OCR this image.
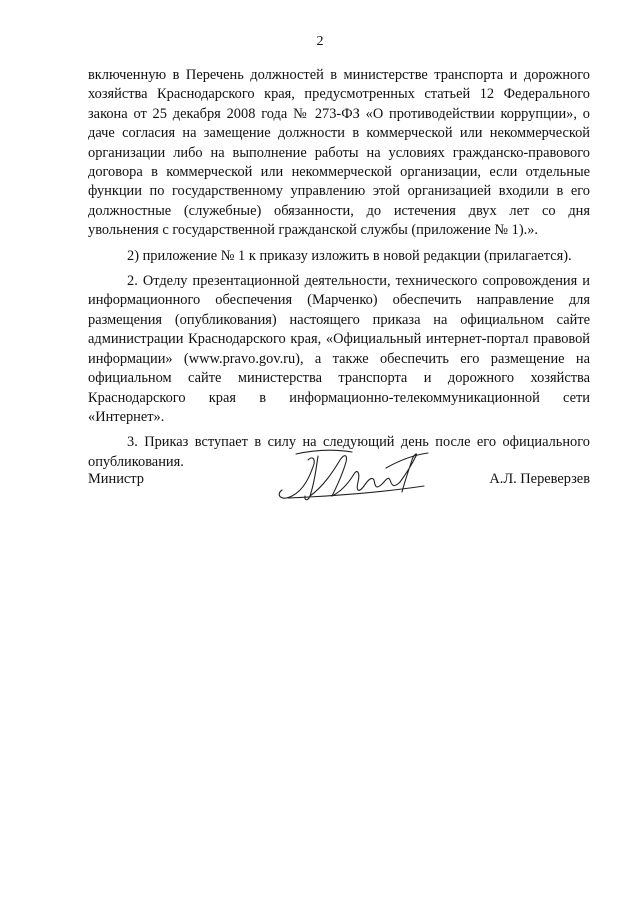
2

включенную в Перечень должностей в министерстве транспорта и дорожного хозяйства Краснодарского края, предусмотренных статьей 12 Федерального закона от 25 декабря 2008 года № 273-ФЗ «О противодействии коррупции», о даче согласия на замещение должности в коммерческой или некоммерческой организации либо на выполнение работы на условиях гражданско-правового договора в коммерческой или некоммерческой организации, если отдельные функции по государственному управлению этой организацией входили в его должностные (служебные) обязанности, до истечения двух лет со дня увольнения с государственной гражданской службы (приложение № 1).».

2) приложение № 1 к приказу изложить в новой редакции (прилагается).

2. Отделу презентационной деятельности, технического сопровождения и информационного обеспечения (Марченко) обеспечить направление для размещения (опубликования) настоящего приказа на официальном сайте администрации Краснодарского края, «Официальный интернет-портал правовой информации» (www.pravo.gov.ru), а также обеспечить его размещение на официальном сайте министерства транспорта и дорожного хозяйства Краснодарского края в информационно-телекоммуникационной сети «Интернет».

3. Приказ вступает в силу на следующий день после его официального опубликования.

Министр	А.Л. Переверзев
